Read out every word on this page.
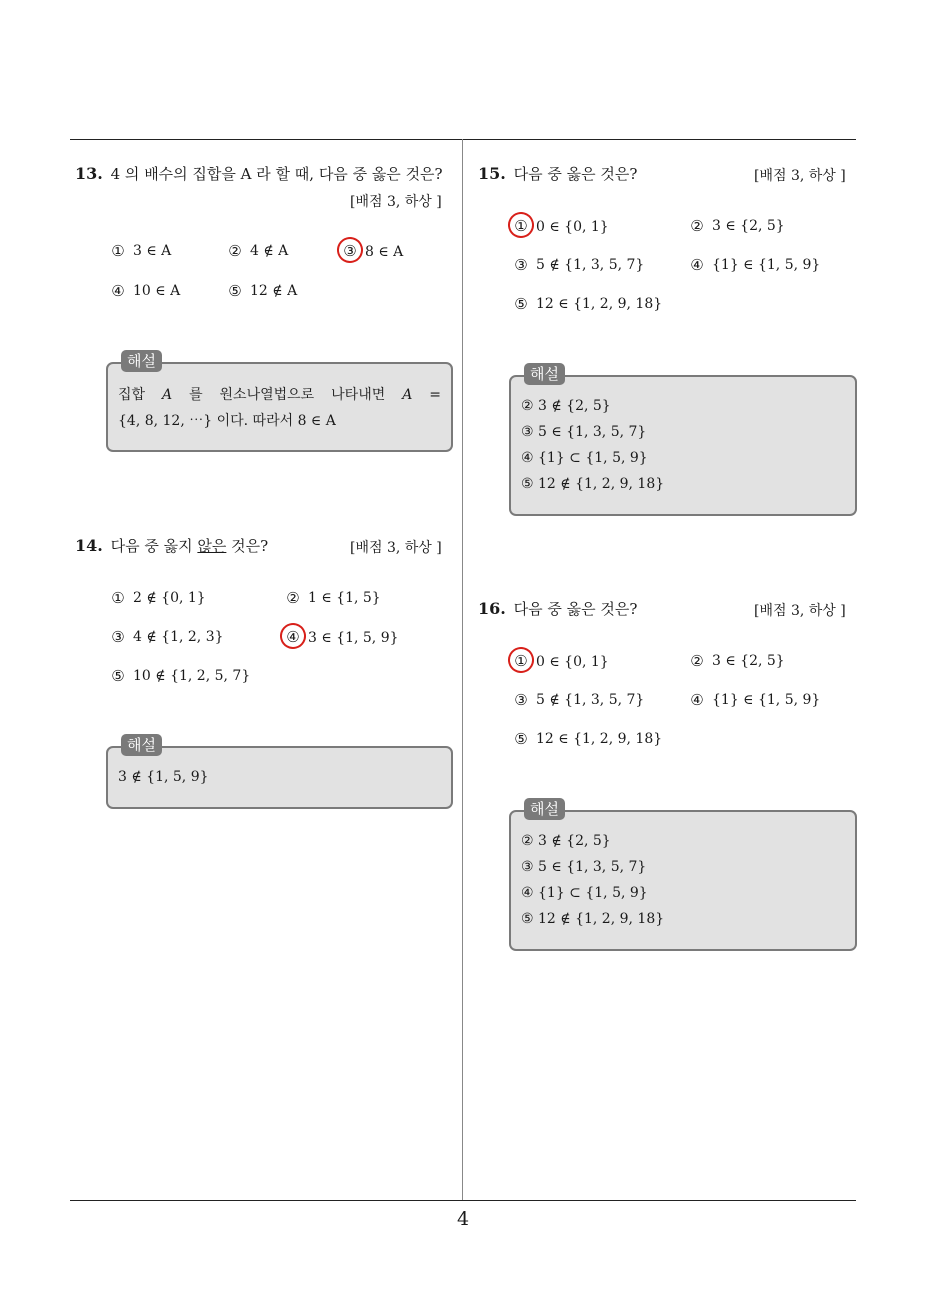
4
13. 4 의 배수의 집합을 A 라 할 때, 다음 중 옳은 것은?
[배점 3, 하상 ]
① 3 ∈ A	② 4 ∉ A	③ 8 ∈ A
④ 10 ∈ A	⑤ 12 ∉ A
해설
집합 A 를 원소나열법으로 나타내면 A =
{4, 8, 12, ⋯} 이다. 따라서 8 ∈ A
14. 다음 중 옳지 않은 것은?	[배점 3, 하상 ]
① 2 ∉ {0, 1}	② 1 ∈ {1, 5}
③ 4 ∉ {1, 2, 3}	④ 3 ∈ {1, 5, 9}
⑤ 10 ∉ {1, 2, 5, 7}
해설
3 ∉ {1, 5, 9}
15. 다음 중 옳은 것은?	[배점 3, 하상 ]
① 0 ∈ {0, 1}	② 3 ∈ {2, 5}
③ 5 ∉ {1, 3, 5, 7}	④ {1} ∈ {1, 5, 9}
⑤ 12 ∈ {1, 2, 9, 18}
해설
② 3 ∉ {2, 5}
③ 5 ∈ {1, 3, 5, 7}
④ {1} ⊂ {1, 5, 9}
⑤ 12 ∉ {1, 2, 9, 18}
16. 다음 중 옳은 것은?	[배점 3, 하상 ]
① 0 ∈ {0, 1}	② 3 ∈ {2, 5}
③ 5 ∉ {1, 3, 5, 7}	④ {1} ∈ {1, 5, 9}
⑤ 12 ∈ {1, 2, 9, 18}
해설
② 3 ∉ {2, 5}
③ 5 ∈ {1, 3, 5, 7}
④ {1} ⊂ {1, 5, 9}
⑤ 12 ∉ {1, 2, 9, 18}
